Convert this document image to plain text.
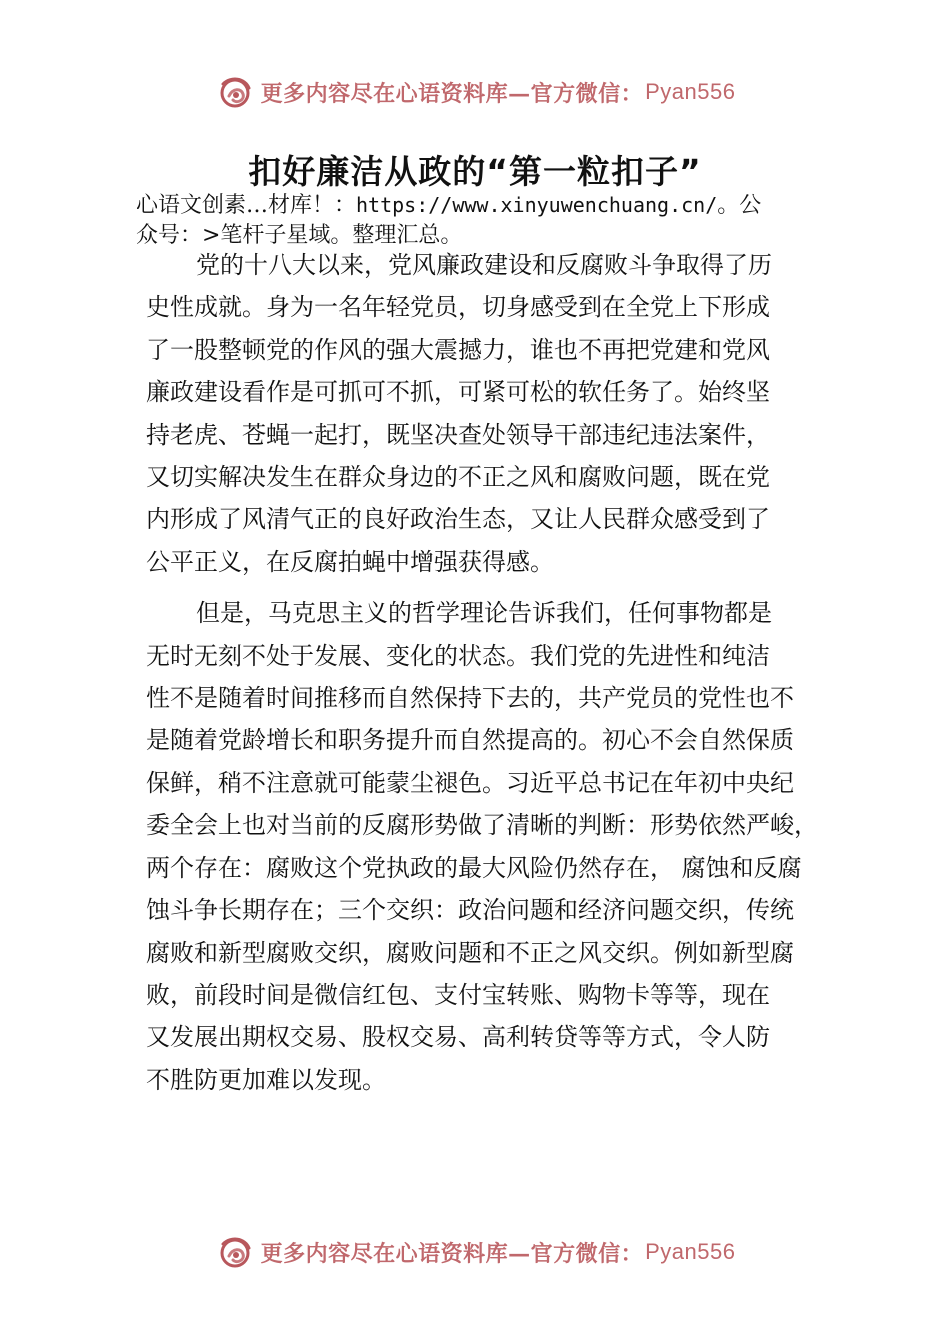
更多内容尽在心语资料库—官方微信： Pyan556
扣好廉洁从政的“第一粒扣子”
心语文创素…材库！：https://www.xinyuwenchuang.cn/。公
众号：>笔杆子星域。整理汇总。
党的十八大以来，党风廉政建设和反腐败斗争取得了历
史性成就。身为一名年轻党员，切身感受到在全党上下形成
了一股整顿党的作风的强大震撼力，谁也不再把党建和党风
廉政建设看作是可抓可不抓，可紧可松的软任务了。始终坚
持老虎、苍蝇一起打，既坚决查处领导干部违纪违法案件，
又切实解决发生在群众身边的不正之风和腐败问题，既在党
内形成了风清气正的良好政治生态，又让人民群众感受到了
公平正义，在反腐拍蝇中增强获得感。
但是，马克思主义的哲学理论告诉我们，任何事物都是
无时无刻不处于发展、变化的状态。我们党的先进性和纯洁
性不是随着时间推移而自然保持下去的，共产党员的党性也不
是随着党龄增长和职务提升而自然提高的。初心不会自然保质
保鲜，稍不注意就可能蒙尘褪色。习近平总书记在年初中央纪
委全会上也对当前的反腐形势做了清晰的判断：形势依然严峻，
两个存在：腐败这个党执政的最大风险仍然存在， 腐蚀和反腐
蚀斗争长期存在；三个交织：政治问题和经济问题交织，传统
腐败和新型腐败交织，腐败问题和不正之风交织。例如新型腐
败，前段时间是微信红包、支付宝转账、购物卡等等，现在
又发展出期权交易、股权交易、高利转贷等等方式，令人防
不胜防更加难以发现。
更多内容尽在心语资料库—官方微信： Pyan556
